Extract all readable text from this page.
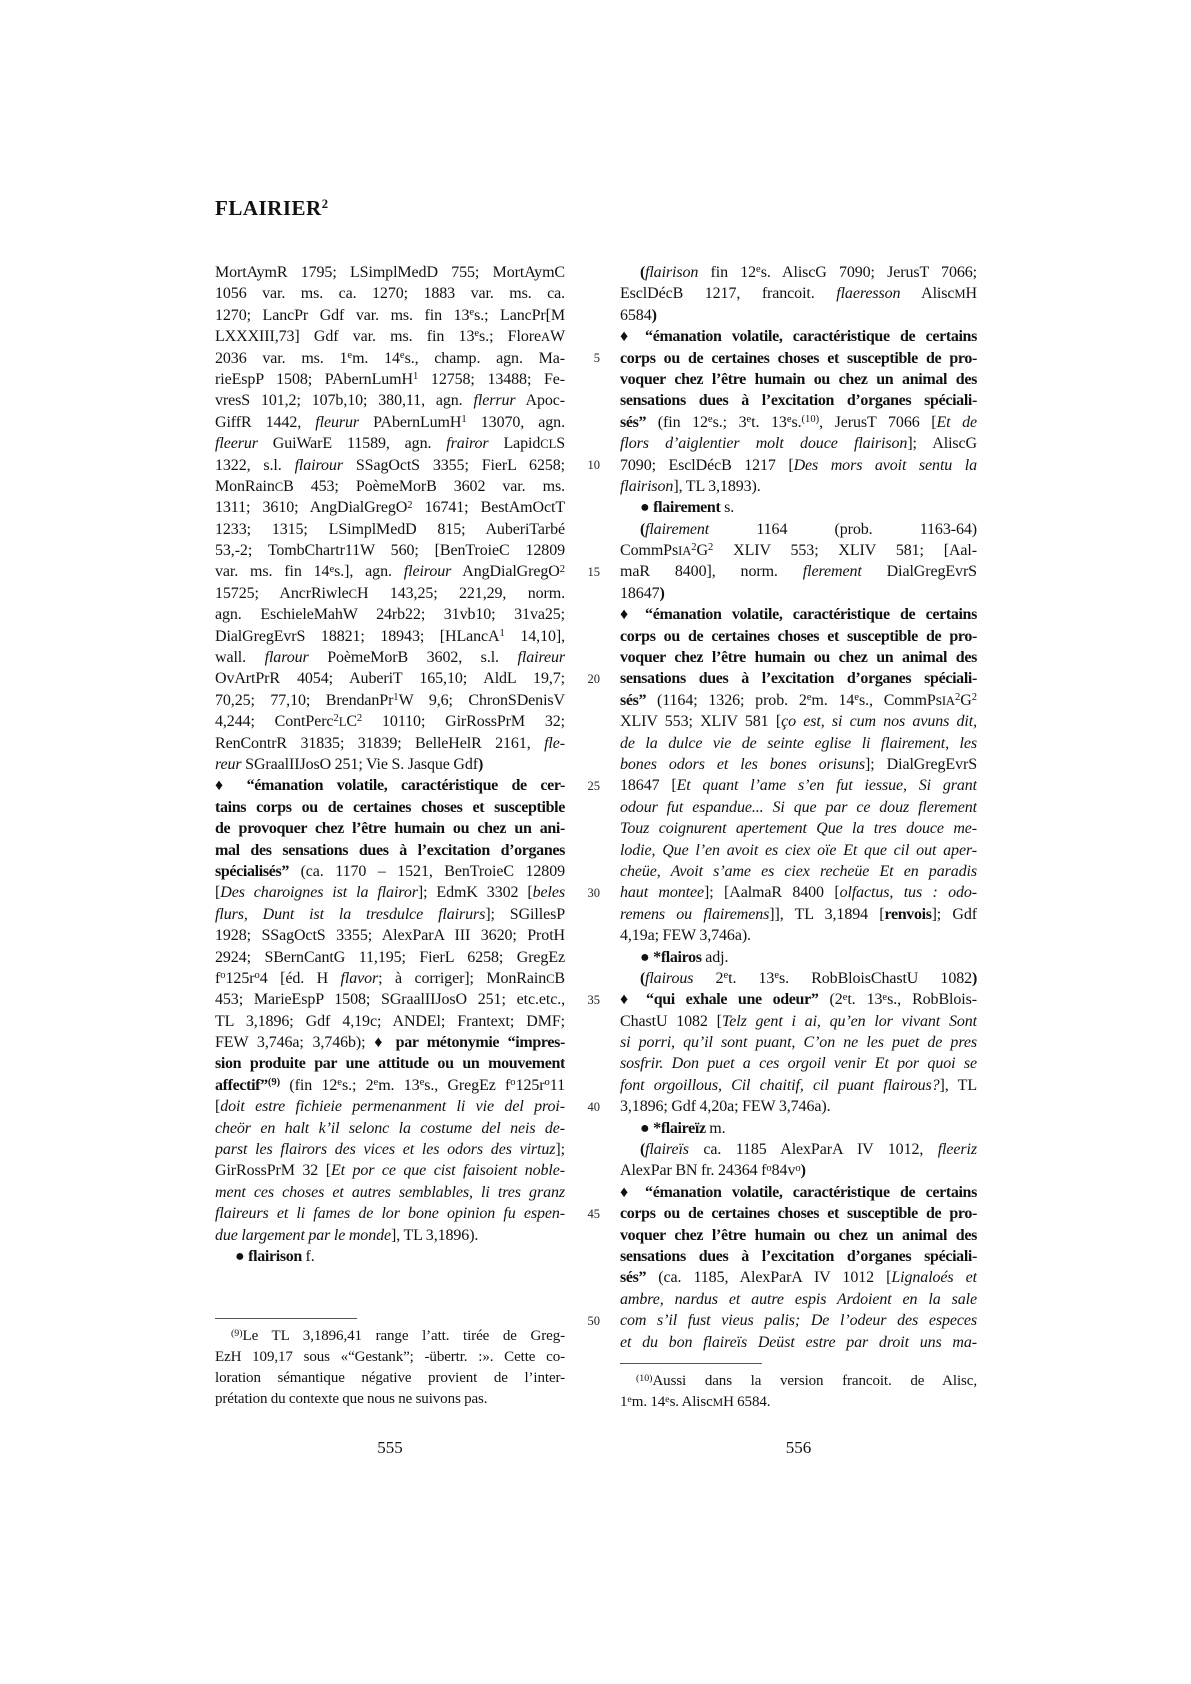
FLAIRIER$^2$
MortAymR 1795; LSimplMedD 755; MortAymC
1056 var. ms. ca. 1270; 1883 var. ms. ca.
1270; LancPr Gdf var. ms. fin 13es.; LancPr[M
LXXXIII,73] Gdf var. ms. fin 13es.; FloreAW
2036 var. ms. 1em. 14es., champ. agn. Ma-
rieEspP 1508; PAbernLumH$^1$ 12758; 13488; Fe-
vresS 101,2; 107b,10; 380,11, agn. flerrur Apoc-
GiffR 1442, fleurur PAbernLumH$^1$ 13070, agn.
fleerur GuiWarE 11589, agn. frairor LapidCLS
1322, s.l. flairour SSagOctS 3355; FierL 6258;
MonRainCB 453; PoèmeMorB 3602 var. ms.
1311; 3610; AngDialGregO$^2$ 16741; BestAmOctT
1233; 1315; LSimplMedD 815; AuberiTarbé
53,-2; TombChartr11W 560; [BenTroieC 12809
var. ms. fin 14es.], agn. fleirour AngDialGregO$^2$
15725; AncrRiwleCH 143,25; 221,29, norm.
agn. EschieleMahW 24rb22; 31vb10; 31va25;
DialGregEvrS 18821; 18943; [HLancA$^1$ 14,10],
wall. flarour PoèmeMorB 3602, s.l. flaireur
OvArtPrR 4054; AuberiT 165,10; AldL 19,7;
70,25; 77,10; BrendanPr$^1$W 9,6; ChronSDenisV
4,244; $ContPerc^2LC^2$ 10110; GirRossPrM 32;
RenContrR 31835; 31839; BelleHelR 2161, fle-
reur SGraalIIJosO 251; Vie S. Jasque Gdf)
♦ “émanation volatile, caractéristique de cer-
tains corps ou de certaines choses et susceptible
de provoquer chez l’être humain ou chez un ani-
mal des sensations dues à l’excitation d’organes
spécialisés” (ca. 1170 – 1521, BenTroieC 12809
[Des charoignes ist la flairor]; EdmK 3302 [beles
flurs, Dunt ist la tresdulce flairurs]; SGillesP
1928; SSagOctS 3355; AlexParA III 3620; ProtH
2924; SBernCantG 11,195; FierL 6258; GregEz
$f^o125r^o4$ [éd. H flavor; à corriger]; MonRainCB
453; MarieEspP 1508; SGraalIIJosO 251; etc.etc.,
TL 3,1896; Gdf 4,19c; ANDEl; Frantext; DMF;
FEW 3,746a; 3,746b); ♦ par métonymie “impres-
sion produite par une attitude ou un mouvement
affectif”$^{(9)}$ (fin 12es.; 2em. 13es., GregEz $f^o125r^o11$
[doit estre fichieie permenanment li vie del proi-
cheör en halt k’il selonc la costume del neis de-
parst les flairors des vices et les odors des virtuz];
GirRossPrM 32 [Et por ce que cist faisoient noble-
ment ces choses et autres semblables, li tres granz
flaireurs et li fames de lor bone opinion fu espen-
due largement par le monde], TL 3,1896).
● flairison f.
5
10
15
20
25
30
35
40
45
50
(flairison fin 12es. AliscG 7090; JerusT 7066;
EsclDécB 1217, francoit. flaeresson AliscMH
6584)
♦ “émanation volatile, caractéristique de certains
corps ou de certaines choses et susceptible de pro-
voquer chez l’être humain ou chez un animal des
sensations dues à l’excitation d’organes spéciali-
sés” (fin 12es.; 3et. 13es.$^{(10)}$, JerusT 7066 [Et de
flors d’aiglentier molt douce flairison]; AliscG
7090; EsclDécB 1217 [Des mors avoit sentu la
flairison], TL 3,1893).
● flairement s.
(flairement 1164 (prob. 1163-64)
$CommPsIA^2G^2$ XLIV 553; XLIV 581; [Aal-
maR 8400], norm. flerement DialGregEvrS
18647)
♦ “émanation volatile, caractéristique de certains
corps ou de certaines choses et susceptible de pro-
voquer chez l’être humain ou chez un animal des
sensations dues à l’excitation d’organes spéciali-
sés” (1164; 1326; prob. 2em. 14es., $CommPsIA^2G^2$
XLIV 553; XLIV 581 [ço est, si cum nos avuns dit,
de la dulce vie de seinte eglise li flairement, les
bones odors et les bones orisuns]; DialGregEvrS
18647 [Et quant l’ame s’en fut iessue, Si grant
odour fut espandue... Si que par ce douz flerement
Touz coignurent apertement Que la tres douce me-
lodie, Que l’en avoit es ciex oïe Et que cil out aper-
cheüe, Avoit s’ame es ciex recheüe Et en paradis
haut montee]; [AalmaR 8400 [olfactus, tus : odo-
remens ou flairemens]], TL 3,1894 [renvois]; Gdf
4,19a; FEW 3,746a).
● *flairos adj.
(flairous 2et. 13es. RobBloisChastU 1082)
♦ “qui exhale une odeur” (2et. 13es., RobBlois-
ChastU 1082 [Telz gent i ai, qu’en lor vivant Sont
si porri, qu’il sont puant, C’on ne les puet de pres
sosfrir. Don puet a ces orgoil venir Et por quoi se
font orgoillous, Cil chaitif, cil puant flairous?], TL
3,1896; Gdf 4,20a; FEW 3,746a).
● *flaireïz m.
(flaireïs ca. 1185 AlexParA IV 1012, fleeriz
AlexPar BN fr. 24364 $f^o84v^o$)
♦ “émanation volatile, caractéristique de certains
corps ou de certaines choses et susceptible de pro-
voquer chez l’être humain ou chez un animal des
sensations dues à l’excitation d’organes spéciali-
sés” (ca. 1185, AlexParA IV 1012 [Lignaloés et
ambre, nardus et autre espis Ardoient en la sale
com s’il fust vieus palis; De l’odeur des especes
et du bon flaireïs Deüst estre par droit uns ma-
$^{(9)}$Le TL 3,1896,41 range l’att. tirée de Greg-
EzH 109,17 sous «“Gestank”; -übertr. :». Cette co-
loration sémantique négative provient de l’inter-
prétation du contexte que nous ne suivons pas.
$^{(10)}$Aussi dans la version francoit. de Alisc,
1em. 14es. AliscMH 6584.
555	556
